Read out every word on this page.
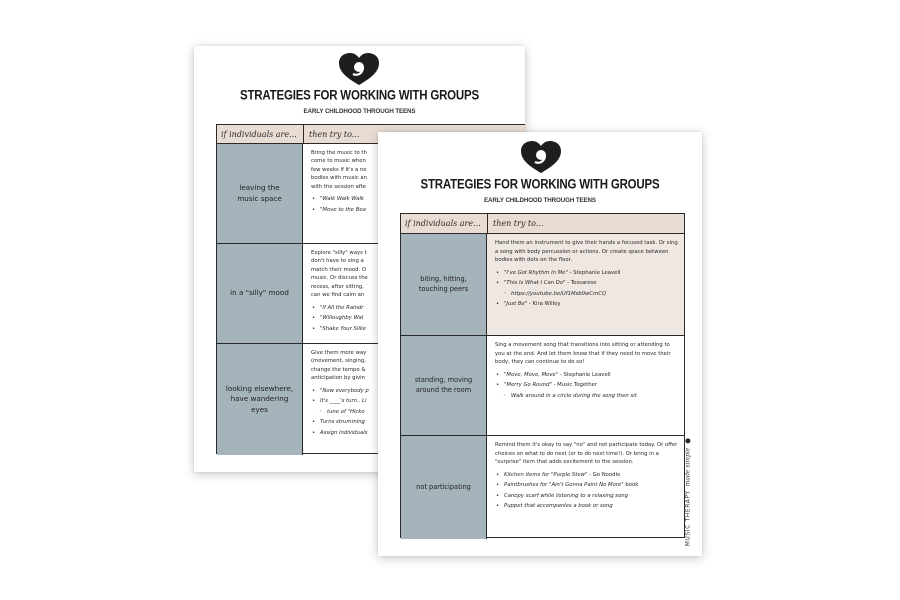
STRATEGIES FOR WORKING WITH GROUPS
EARLY CHILDHOOD THROUGH TEENS
if individuals are... then try to...
leaving the music space

Bring the music to th

come to music when

few weeks if it's a ne

bodies with music an

with the session afte

• "Walk Walk Walk
• "Move to the Bea
in a "silly" mood

Explore "silly" ways t

don't have to sing a

match their mood. O

music. Or discuss the

recess, after sitting,

can we find calm an

• "If All the Raindr
• "Willoughby Wal
• "Shake Your Sillie
looking elsewhere, have wandering eyes

Give them more way

(movement, singing,

change the tempo &

anticipation by givin

• "Now everybody p
• It's ____'s turn.. Li
◦ tune of "Hicko
• Turns strumming
• Assign individuals
STRATEGIES FOR WORKING WITH GROUPS
EARLY CHILDHOOD THROUGH TEENS
if individuals are... then try to...
biting, hitting, touching peers

Hand them an instrument to give their hands a focused task. Or sing a song with body percussion or actions. Or create space between bodies with dots on the floor.

• "I've Got Rhythm In Me" - Stephanie Leavell
• "This Is What I Can Do" - Tessarose
◦ https://youtube.be/Uf1Msb0wCmCQ
• "Just Be" - Kira Willey
standing, moving around the room

Sing a movement song that transitions into sitting or attending to you at the end. And let them know that if they need to move their body, they can continue to do so!

• "Move, Move, Move" - Stephanie Leavell
• "Merry Go Round" - Music Together
◦ Walk around in a circle during the song then sit
not participating

Remind them it's okay to say "no" and not participate today. Or offer choices on what to do next (or to do next time!). Or bring in a "surprise" item that adds excitement to the session.

• Kitchen items for "Purple Stew" - Go Noodle
• Paintbrushes for "Ain't Gonna Paint No More" book
• Canopy scarf while listening to a relaxing song
• Puppet that accompanies a book or song	MUSIC THERAPY
made simple
